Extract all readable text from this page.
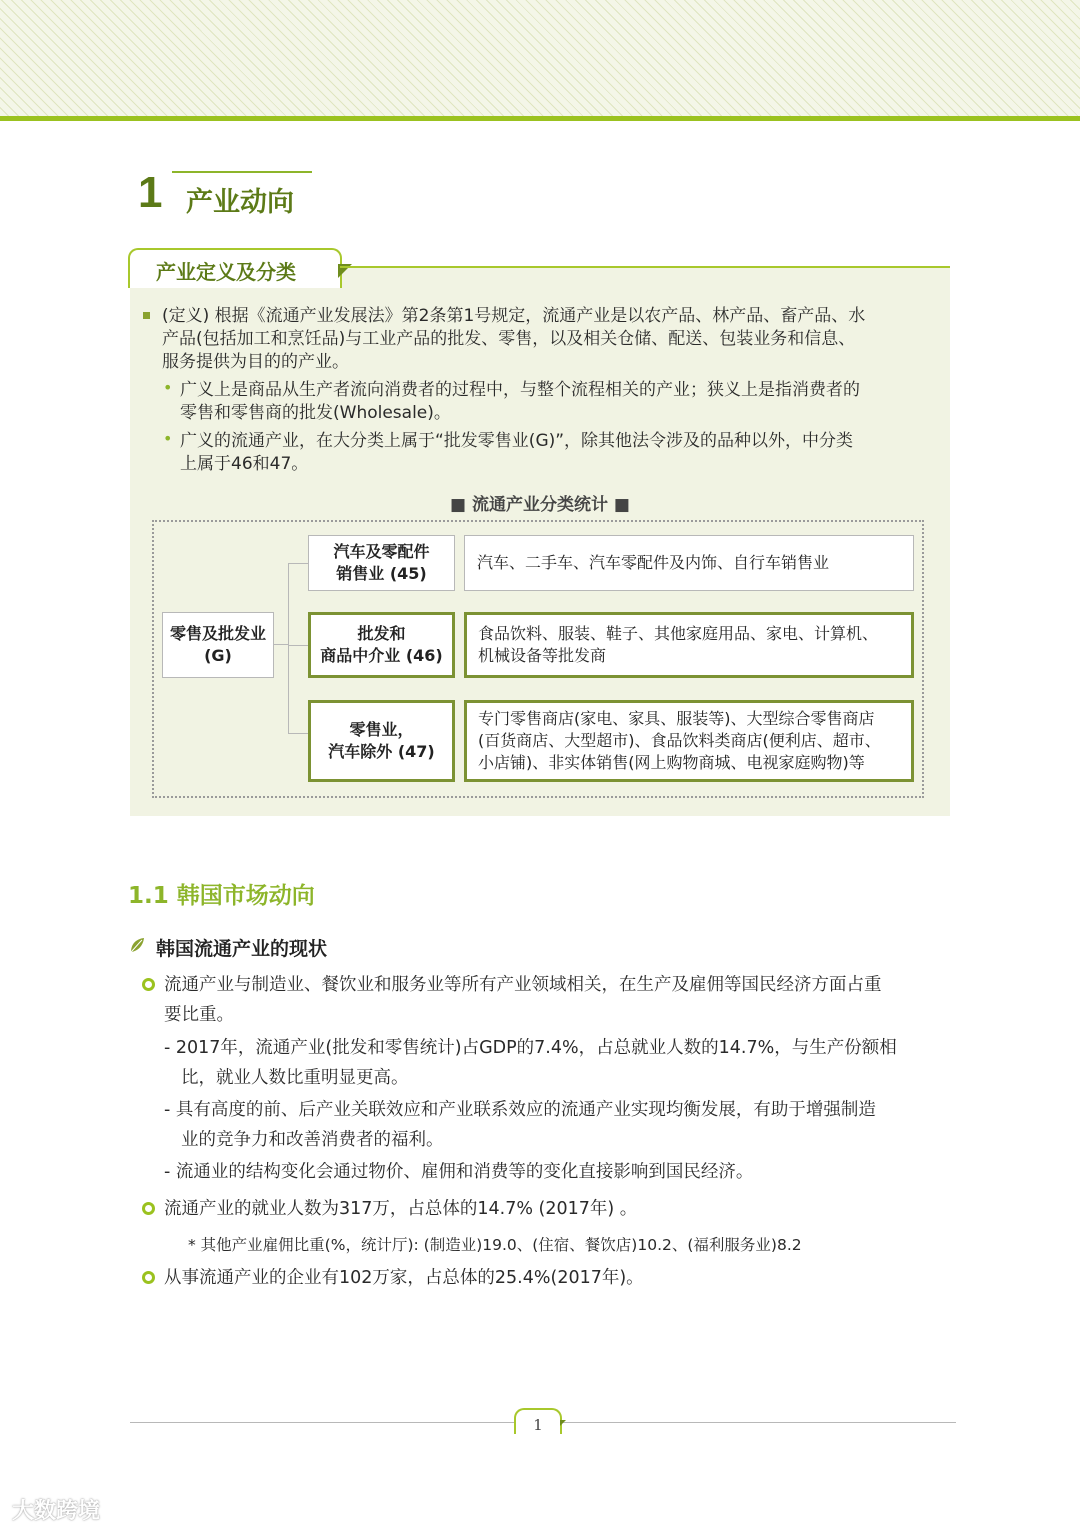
1 产业动向
产业定义及分类
(定义) 根据《流通产业发展法》第2条第1号规定，流通产业是以农产品、林产品、畜产品、水
产品(包括加工和烹饪品)与工业产品的批发、零售，以及相关仓储、配送、包装业务和信息、
服务提供为目的的产业。
• 广义上是商品从生产者流向消费者的过程中，与整个流程相关的产业；狭义上是指消费者的
零售和零售商的批发(Wholesale)。
• 广义的流通产业，在大分类上属于“批发零售业(G)”，除其他法令涉及的品种以外，中分类
上属于46和47。
■ 流通产业分类统计 ■
零售及批发业
(G)
汽车及零配件
销售业 (45)
汽车、二手车、汽车零配件及内饰、自行车销售业
批发和
商品中介业 (46)
食品饮料、服装、鞋子、其他家庭用品、家电、计算机、
机械设备等批发商
零售业，
汽车除外 (47)
专门零售商店(家电、家具、服装等)、大型综合零售商店
(百货商店、大型超市)、食品饮料类商店(便利店、超市、
小店铺)、非实体销售(网上购物商城、电视家庭购物)等
1.1 韩国市场动向
韩国流通产业的现状
流通产业与制造业、餐饮业和服务业等所有产业领域相关，在生产及雇佣等国民经济方面占重
要比重。
- 2017年，流通产业(批发和零售统计)占GDP的7.4%，占总就业人数的14.7%，与生产份额相
比，就业人数比重明显更高。
- 具有高度的前、后产业关联效应和产业联系效应的流通产业实现均衡发展，有助于增强制造
业的竞争力和改善消费者的福利。
- 流通业的结构变化会通过物价、雇佣和消费等的变化直接影响到国民经济。
流通产业的就业人数为317万，占总体的14.7% (2017年) 。
* 其他产业雇佣比重(%，统计厅): (制造业)19.0、(住宿、餐饮店)10.2、(福利服务业)8.2
从事流通产业的企业有102万家，占总体的25.4%(2017年)。
1
大数跨境
